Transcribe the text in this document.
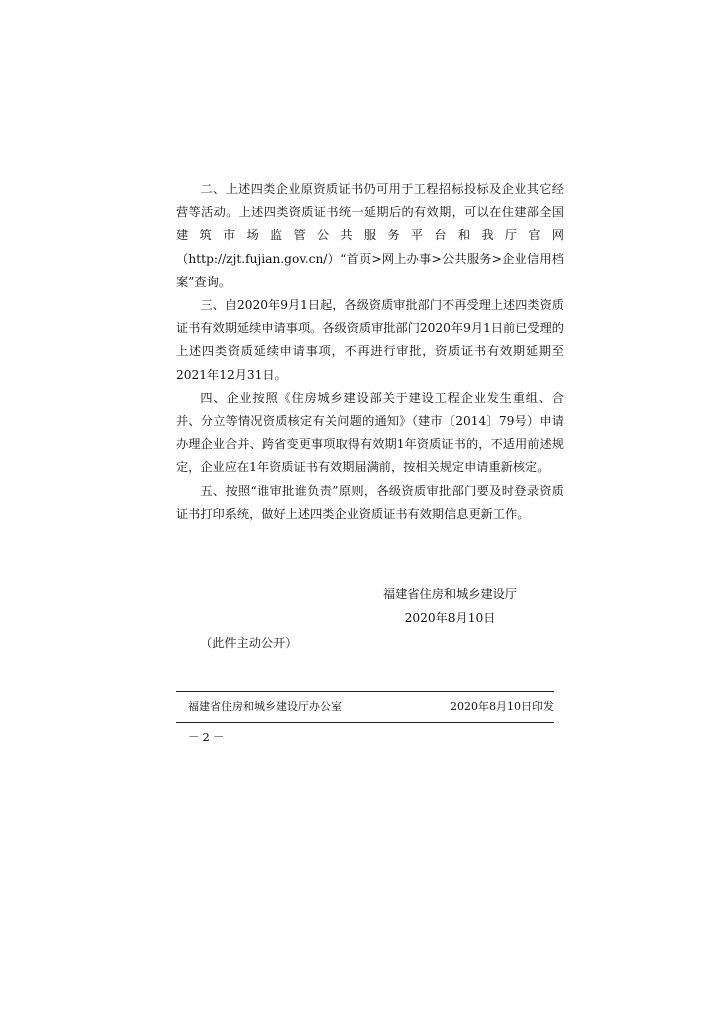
二、上述四类企业原资质证书仍可用于工程招标投标及企业其它经营等活动。上述四类资质证书统一延期后的有效期，可以在住建部全国建筑市场监管公共服务平台和我厅官网（http://zjt.fujian.gov.cn/）“首页>网上办事>公共服务>企业信用档案”查询。

三、自2020年9月1日起，各级资质审批部门不再受理上述四类资质证书有效期延续申请事项。各级资质审批部门2020年9月1日前已受理的上述四类资质延续申请事项，不再进行审批，资质证书有效期延期至2021年12月31日。

四、企业按照《住房城乡建设部关于建设工程企业发生重组、合并、分立等情况资质核定有关问题的通知》（建市〔2014〕79号）申请办理企业合并、跨省变更事项取得有效期1年资质证书的，不适用前述规定，企业应在1年资质证书有效期届满前，按相关规定申请重新核定。

五、按照“谁审批谁负责”原则，各级资质审批部门要及时登录资质证书打印系统，做好上述四类企业资质证书有效期信息更新工作。

福建省住房和城乡建设厅
2020年8月10日
（此件主动公开）
福建省住房和城乡建设厅办公室	2020年8月10日印发
－2－
